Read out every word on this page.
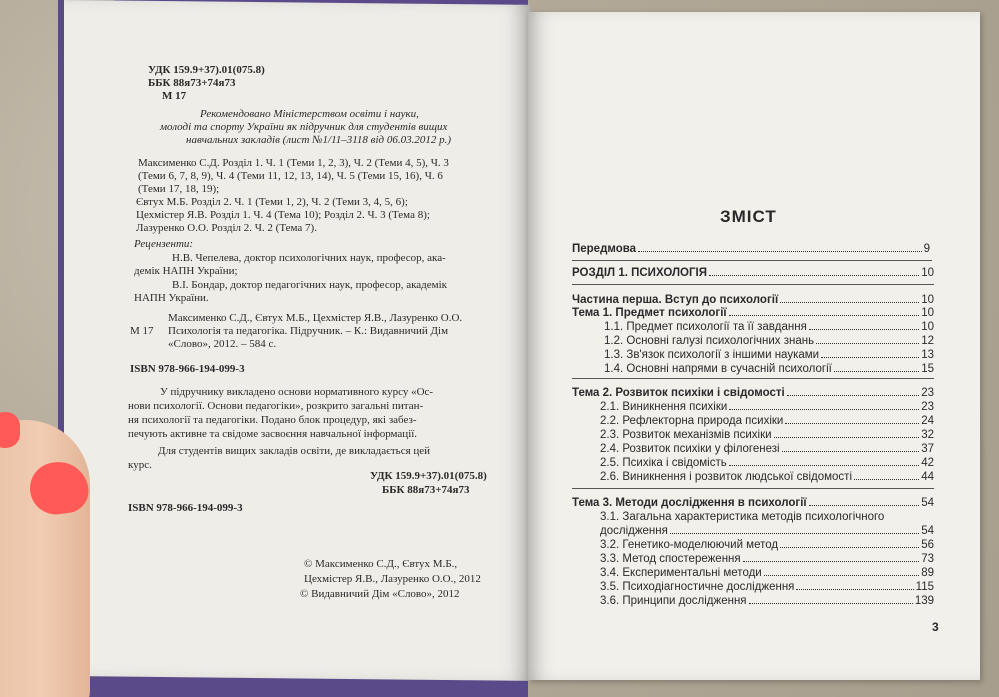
УДК 159.9+37).01(075.8)
ББК 88я73+74я73
М 17
Рекомендовано Міністерством освіти і науки,
молоді та спорту України як підручник для студентів вищих
навчальних закладів (лист №1/11–3118 від 06.03.2012 р.)
Максименко С.Д. Розділ 1. Ч. 1 (Теми 1, 2, 3), Ч. 2 (Теми 4, 5), Ч. 3
(Теми 6, 7, 8, 9), Ч. 4 (Теми 11, 12, 13, 14), Ч. 5 (Теми 15, 16), Ч. 6
(Теми 17, 18, 19);
Євтух М.Б. Розділ 2. Ч. 1 (Теми 1, 2), Ч. 2 (Теми 3, 4, 5, 6);
Цехмістер Я.В. Розділ 1. Ч. 4 (Тема 10); Розділ 2. Ч. 3 (Тема 8);
Лазуренко О.О. Розділ 2. Ч. 2 (Тема 7).
Рецензенти:
Н.В. Чепелева, доктор психологічних наук, професор, ака-
демік НАПН України;
В.І. Бондар, доктор педагогічних наук, професор, академік
НАПН України.
Максименко С.Д., Євтух М.Б., Цехмістер Я.В., Лазуренко О.О.
М 17 Психологія та педагогіка. Підручник. – К.: Видавничий Дім
«Слово», 2012. – 584 с.
ISBN 978-966-194-099-3
У підручнику викладено основи нормативного курсу «Ос-
нови психології. Основи педагогіки», розкрито загальні питан-
ня психології та педагогіки. Подано блок процедур, які забез-
печують активне та свідоме засвоєння навчальної інформації.
Для студентів вищих закладів освіти, де викладається цей
курс.
УДК 159.9+37).01(075.8)
ББК 88я73+74я73
ISBN 978-966-194-099-3
© Максименко С.Д., Євтух М.Б.,
Цехмістер Я.В., Лазуренко О.О., 2012
© Видавничий Дім «Слово», 2012
ЗМІСТ
Передмова	9
РОЗДІЛ 1. ПСИХОЛОГІЯ	10
Частина перша. Вступ до психології	10
Тема 1. Предмет психології	10
1.1. Предмет психології та її завдання	10
1.2. Основні галузі психологічних знань	12
1.3. Зв'язок психології з іншими науками	13
1.4. Основні напрями в сучасній психології	15
Тема 2. Розвиток психіки і свідомості	23
2.1. Виникнення психіки	23
2.2. Рефлекторна природа психіки	24
2.3. Розвиток механізмів психіки	32
2.4. Розвиток психіки у філогенезі	37
2.5. Психіка і свідомість	42
2.6. Виникнення і розвиток людської свідомості	44
Тема 3. Методи дослідження в психології	54
3.1. Загальна характеристика методів психологічного
дослідження	54
3.2. Генетико-моделюючий метод	56
3.3. Метод спостереження	73
3.4. Експериментальні методи	89
3.5. Психодіагностичне дослідження	115
3.6. Принципи дослідження	139
3
